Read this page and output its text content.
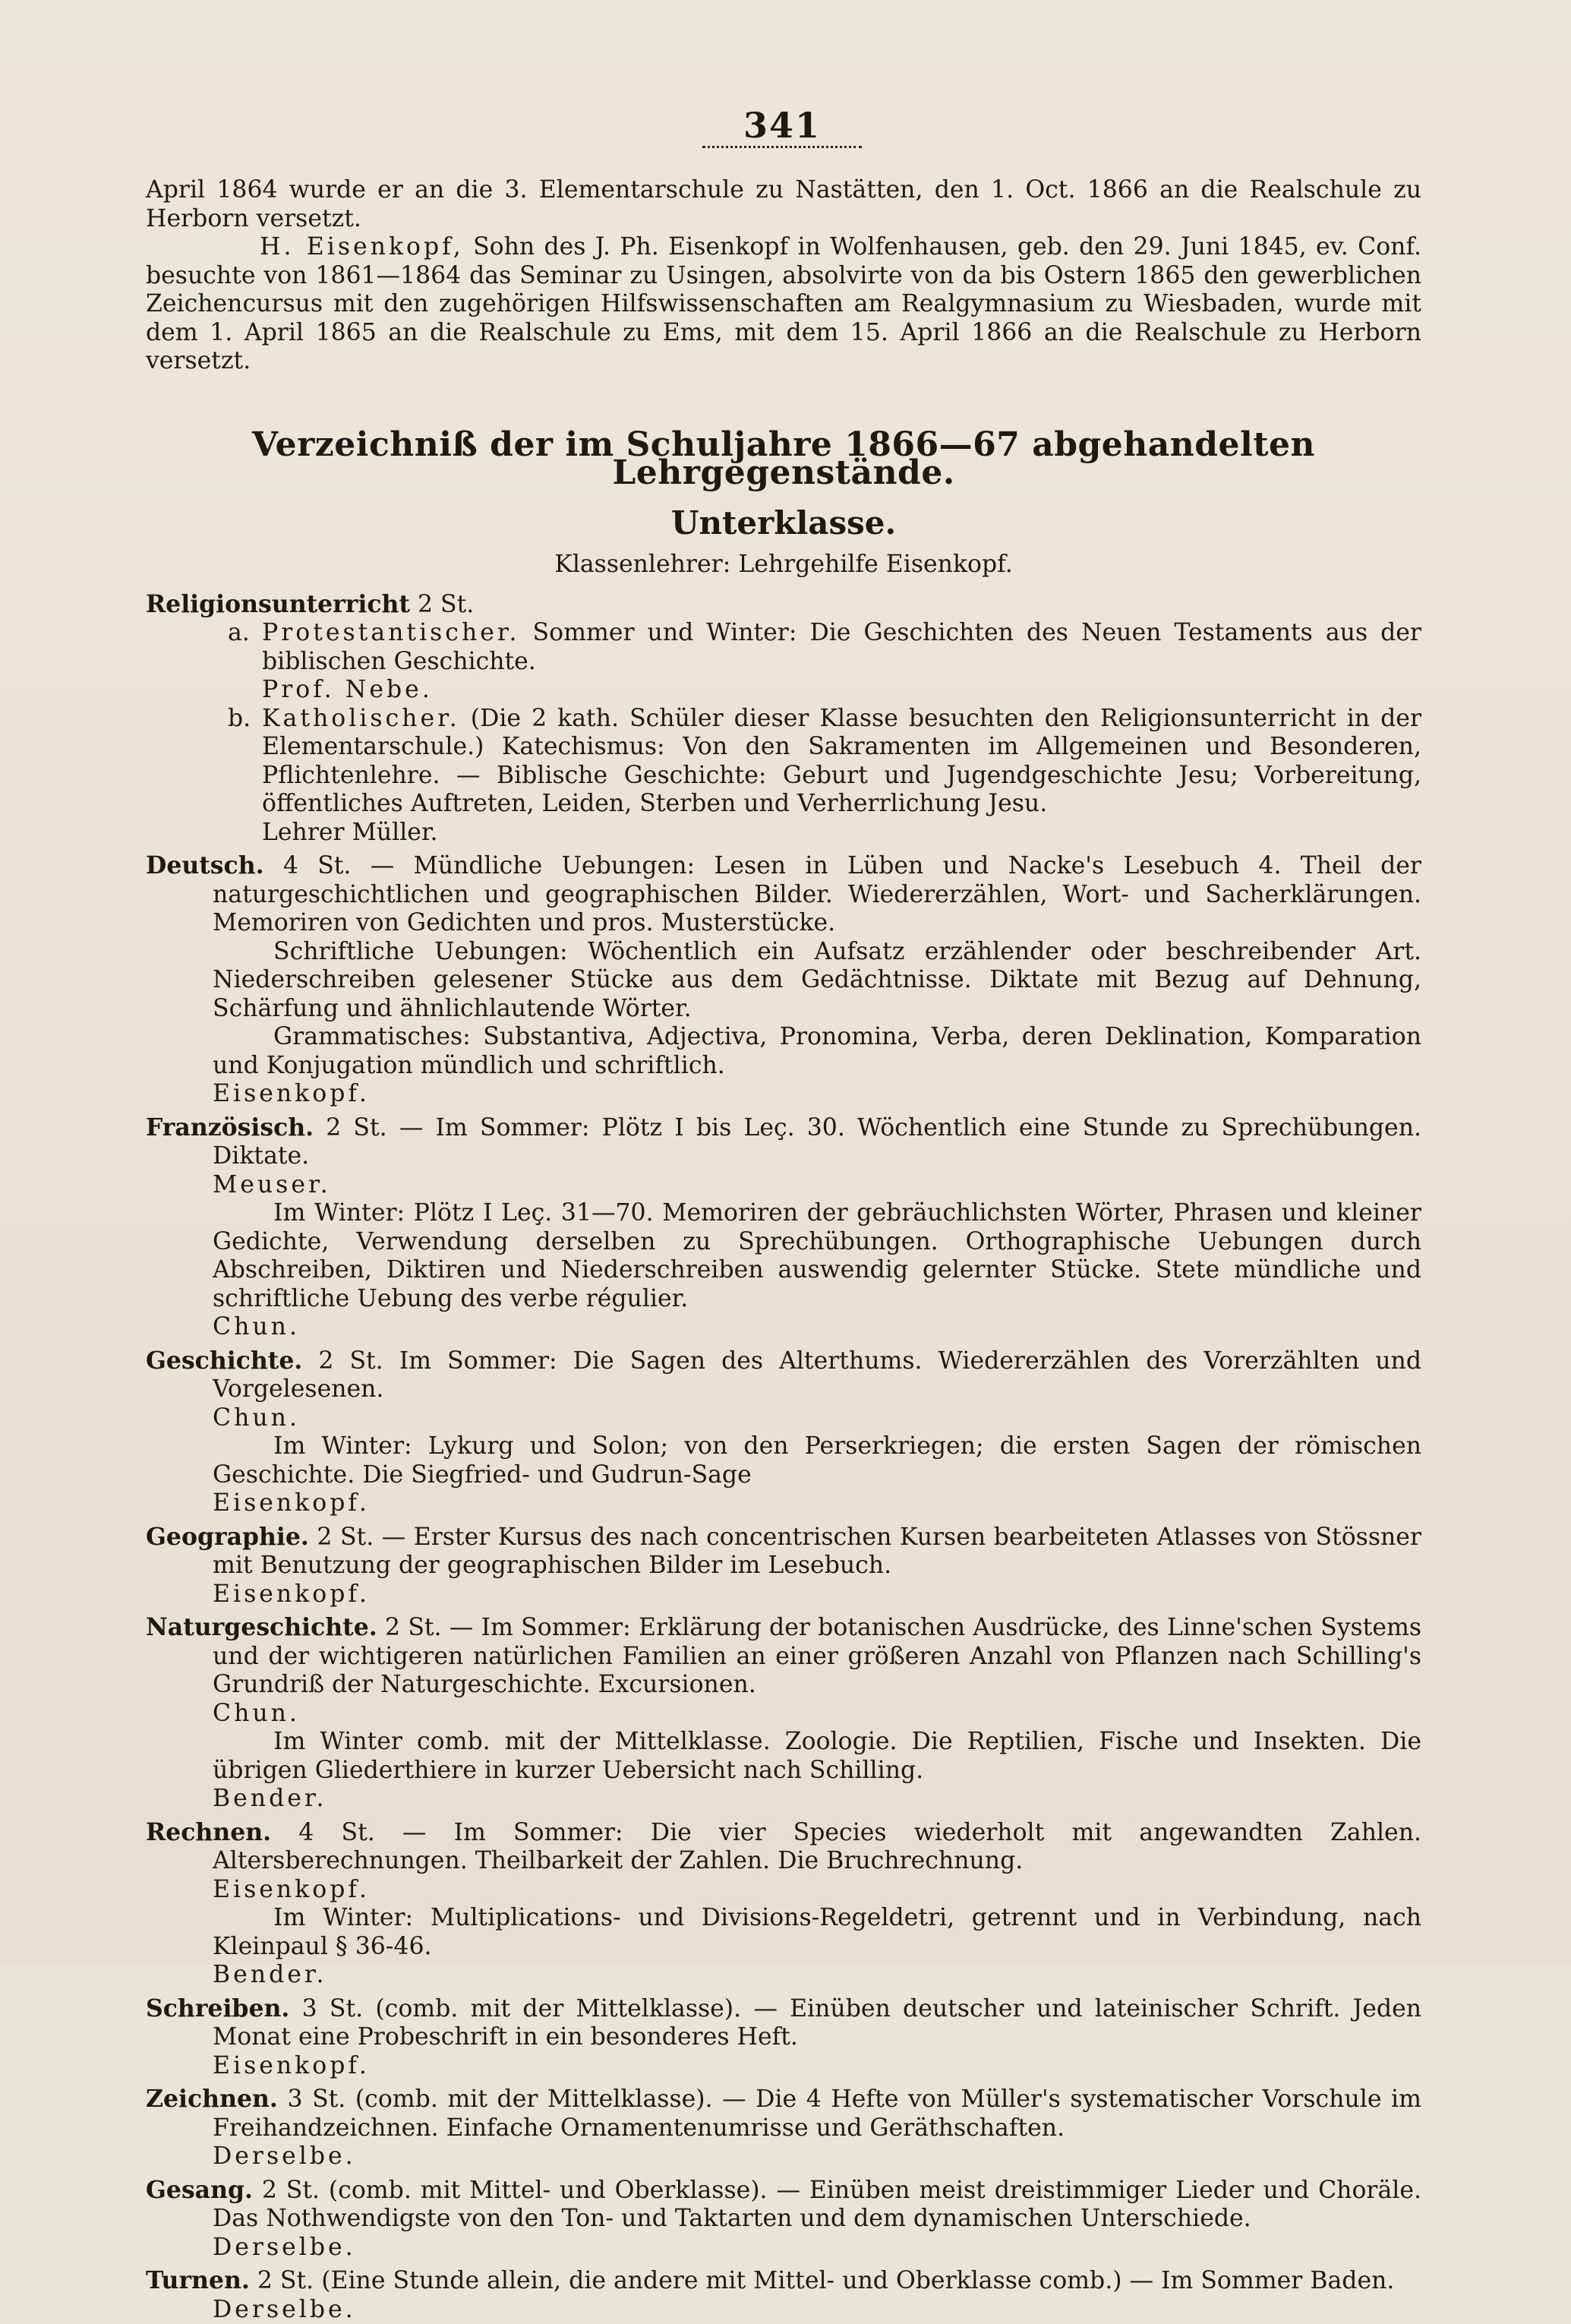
341

April 1864 wurde er an die 3. Elementarschule zu Nastätten, den 1. Oct. 1866 an die Realschule zu Herborn versetzt.

H. Eisenkopf, Sohn des J. Ph. Eisenkopf in Wolfenhausen, geb. den 29. Juni 1845, ev. Conf. besuchte von 1861—1864 das Seminar zu Usingen, absolvirte von da bis Ostern 1865 den gewerblichen Zeichencursus mit den zugehörigen Hilfswissenschaften am Realgymnasium zu Wiesbaden, wurde mit dem 1. April 1865 an die Realschule zu Ems, mit dem 15. April 1866 an die Realschule zu Herborn versetzt.

Verzeichniß der im Schuljahre 1866—67 abgehandelten Lehrgegenstände.
Unterklasse.
Klassenlehrer: Lehrgehilfe Eisenkopf.
Religionsunterricht 2 St.
a. Protestantischer. Sommer und Winter: Die Geschichten des Neuen Testaments aus der biblischen Geschichte.
Prof. Nebe.
b. Katholischer. (Die 2 kath. Schüler dieser Klasse besuchten den Religionsunterricht in der Elementarschule.) Katechismus: Von den Sakramenten im Allgemeinen und Besonderen, Pflichtenlehre. — Biblische Geschichte: Geburt und Jugendgeschichte Jesu; Vorbereitung, öffentliches Auftreten, Leiden, Sterben und Verherrlichung Jesu.
Lehrer Müller.
Deutsch. 4 St. — Mündliche Uebungen: Lesen in Lüben und Nacke's Lesebuch 4. Theil der naturgeschichtlichen und geographischen Bilder. Wiedererzählen, Wort- und Sacherklärungen. Memoriren von Gedichten und pros. Musterstücke.
Schriftliche Uebungen: Wöchentlich ein Aufsatz erzählender oder beschreibender Art. Niederschreiben gelesener Stücke aus dem Gedächtnisse. Diktate mit Bezug auf Dehnung, Schärfung und ähnlichlautende Wörter.
Grammatisches: Substantiva, Adjectiva, Pronomina, Verba, deren Deklination, Komparation und Konjugation mündlich und schriftlich.
Eisenkopf.
Französisch. 2 St. — Im Sommer: Plötz I bis Leç. 30. Wöchentlich eine Stunde zu Sprechübungen. Diktate.
Meuser.
Im Winter: Plötz I Leç. 31—70. Memoriren der gebräuchlichsten Wörter, Phrasen und kleiner Gedichte, Verwendung derselben zu Sprechübungen. Orthographische Uebungen durch Abschreiben, Diktiren und Niederschreiben auswendig gelernter Stücke. Stete mündliche und schriftliche Uebung des verbe régulier.
Chun.
Geschichte. 2 St. Im Sommer: Die Sagen des Alterthums. Wiedererzählen des Vorerzählten und Vorgelesenen.
Chun.
Im Winter: Lykurg und Solon; von den Perserkriegen; die ersten Sagen der römischen Geschichte. Die Siegfried- und Gudrun-Sage
Eisenkopf.
Geographie. 2 St. — Erster Kursus des nach concentrischen Kursen bearbeiteten Atlasses von Stössner mit Benutzung der geographischen Bilder im Lesebuch.
Eisenkopf.
Naturgeschichte. 2 St. — Im Sommer: Erklärung der botanischen Ausdrücke, des Linne'schen Systems und der wichtigeren natürlichen Familien an einer größeren Anzahl von Pflanzen nach Schilling's Grundriß der Naturgeschichte. Excursionen.
Chun.
Im Winter comb. mit der Mittelklasse. Zoologie. Die Reptilien, Fische und Insekten. Die übrigen Gliederthiere in kurzer Uebersicht nach Schilling.
Bender.
Rechnen. 4 St. — Im Sommer: Die vier Species wiederholt mit angewandten Zahlen. Altersberechnungen. Theilbarkeit der Zahlen. Die Bruchrechnung.
Eisenkopf.
Im Winter: Multiplications- und Divisions-Regeldetri, getrennt und in Verbindung, nach Kleinpaul § 36-46.
Bender.
Schreiben. 3 St. (comb. mit der Mittelklasse). — Einüben deutscher und lateinischer Schrift. Jeden Monat eine Probeschrift in ein besonderes Heft.
Eisenkopf.
Zeichnen. 3 St. (comb. mit der Mittelklasse). — Die 4 Hefte von Müller's systematischer Vorschule im Freihandzeichnen. Einfache Ornamentenumrisse und Geräthschaften.
Derselbe.
Gesang. 2 St. (comb. mit Mittel- und Oberklasse). — Einüben meist dreistimmiger Lieder und Choräle. Das Nothwendigste von den Ton- und Taktarten und dem dynamischen Unterschiede.
Derselbe.
Turnen. 2 St. (Eine Stunde allein, die andere mit Mittel- und Oberklasse comb.) — Im Sommer Baden.
Derselbe.
